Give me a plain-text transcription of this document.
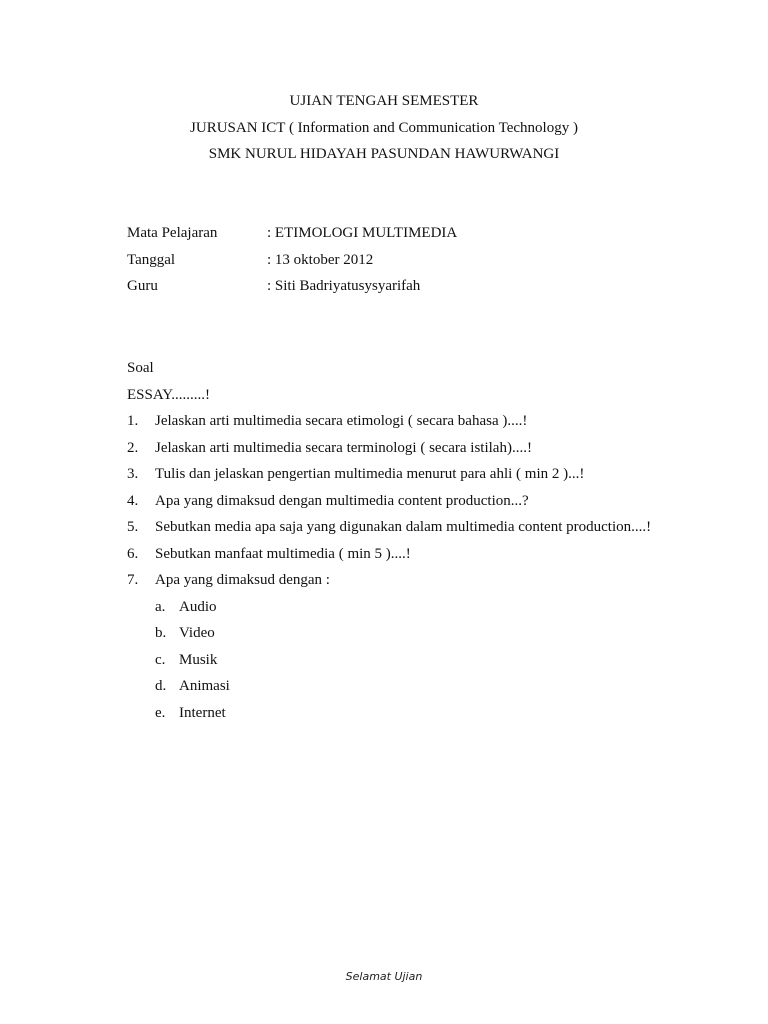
UJIAN TENGAH SEMESTER
JURUSAN ICT ( Information and Communication Technology )
SMK NURUL HIDAYAH PASUNDAN HAWURWANGI
Mata Pelajaran	: ETIMOLOGI MULTIMEDIA
Tanggal	: 13 oktober 2012
Guru	: Siti Badriyatusysyarifah
Soal
ESSAY.........!
1.	Jelaskan arti multimedia secara etimologi ( secara bahasa )....!
2.	Jelaskan arti multimedia secara terminologi ( secara istilah)....!
3.	Tulis dan jelaskan pengertian multimedia menurut para ahli ( min 2 )...!
4.	Apa yang dimaksud dengan multimedia content production...?
5.	Sebutkan media apa saja yang digunakan dalam multimedia content production....!
6.	Sebutkan manfaat multimedia ( min 5 )....!
7.	Apa yang dimaksud dengan :
a. Audio
b. Video
c. Musik
d. Animasi
e. Internet
Selamat Ujian
